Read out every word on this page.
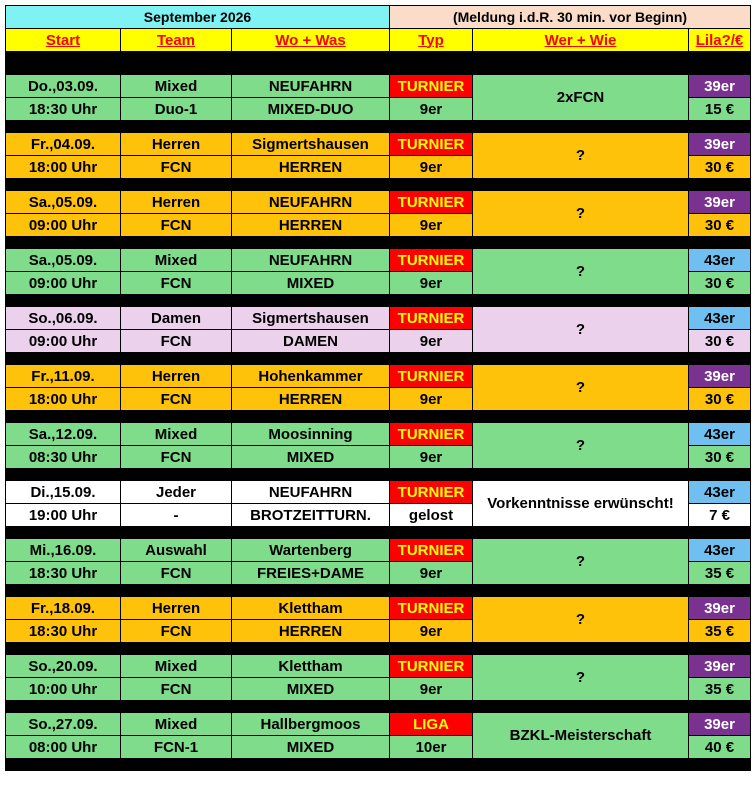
September 2026			(Meldung i.d.R. 30 min. vor Beginn)		
Start	Team	Wo + Was	Typ	Wer + Wie	Lila?/€

Do.,03.09.	Mixed	NEUFAHRN	TURNIER	2xFCN	39er
18:30 Uhr	Duo-1	MIXED-DUO	9er		15 €

Fr.,04.09.	Herren	Sigmertshausen	TURNIER	?	39er
18:00 Uhr	FCN	HERREN	9er		30 €

Sa.,05.09.	Herren	NEUFAHRN	TURNIER	?	39er
09:00 Uhr	FCN	HERREN	9er		30 €

Sa.,05.09.	Mixed	NEUFAHRN	TURNIER	?	43er
09:00 Uhr	FCN	MIXED	9er		30 €

So.,06.09.	Damen	Sigmertshausen	TURNIER	?	43er
09:00 Uhr	FCN	DAMEN	9er		30 €

Fr.,11.09.	Herren	Hohenkammer	TURNIER	?	39er
18:00 Uhr	FCN	HERREN	9er		30 €

Sa.,12.09.	Mixed	Moosinning	TURNIER	?	43er
08:30 Uhr	FCN	MIXED	9er		30 €

Di.,15.09.	Jeder	NEUFAHRN	TURNIER	Vorkenntnisse erwünscht!	43er
19:00 Uhr	-	BROTZEITTURN.	gelost		7 €

Mi.,16.09.	Auswahl	Wartenberg	TURNIER	?	43er
18:30 Uhr	FCN	FREIES+DAME	9er		35 €

Fr.,18.09.	Herren	Klettham	TURNIER	?	39er
18:30 Uhr	FCN	HERREN	9er		35 €

So.,20.09.	Mixed	Klettham	TURNIER	?	39er
10:00 Uhr	FCN	MIXED	9er		35 €

So.,27.09.	Mixed	Hallbergmoos	LIGA	BZKL-Meisterschaft	39er
08:00 Uhr	FCN-1	MIXED	10er		40 €
